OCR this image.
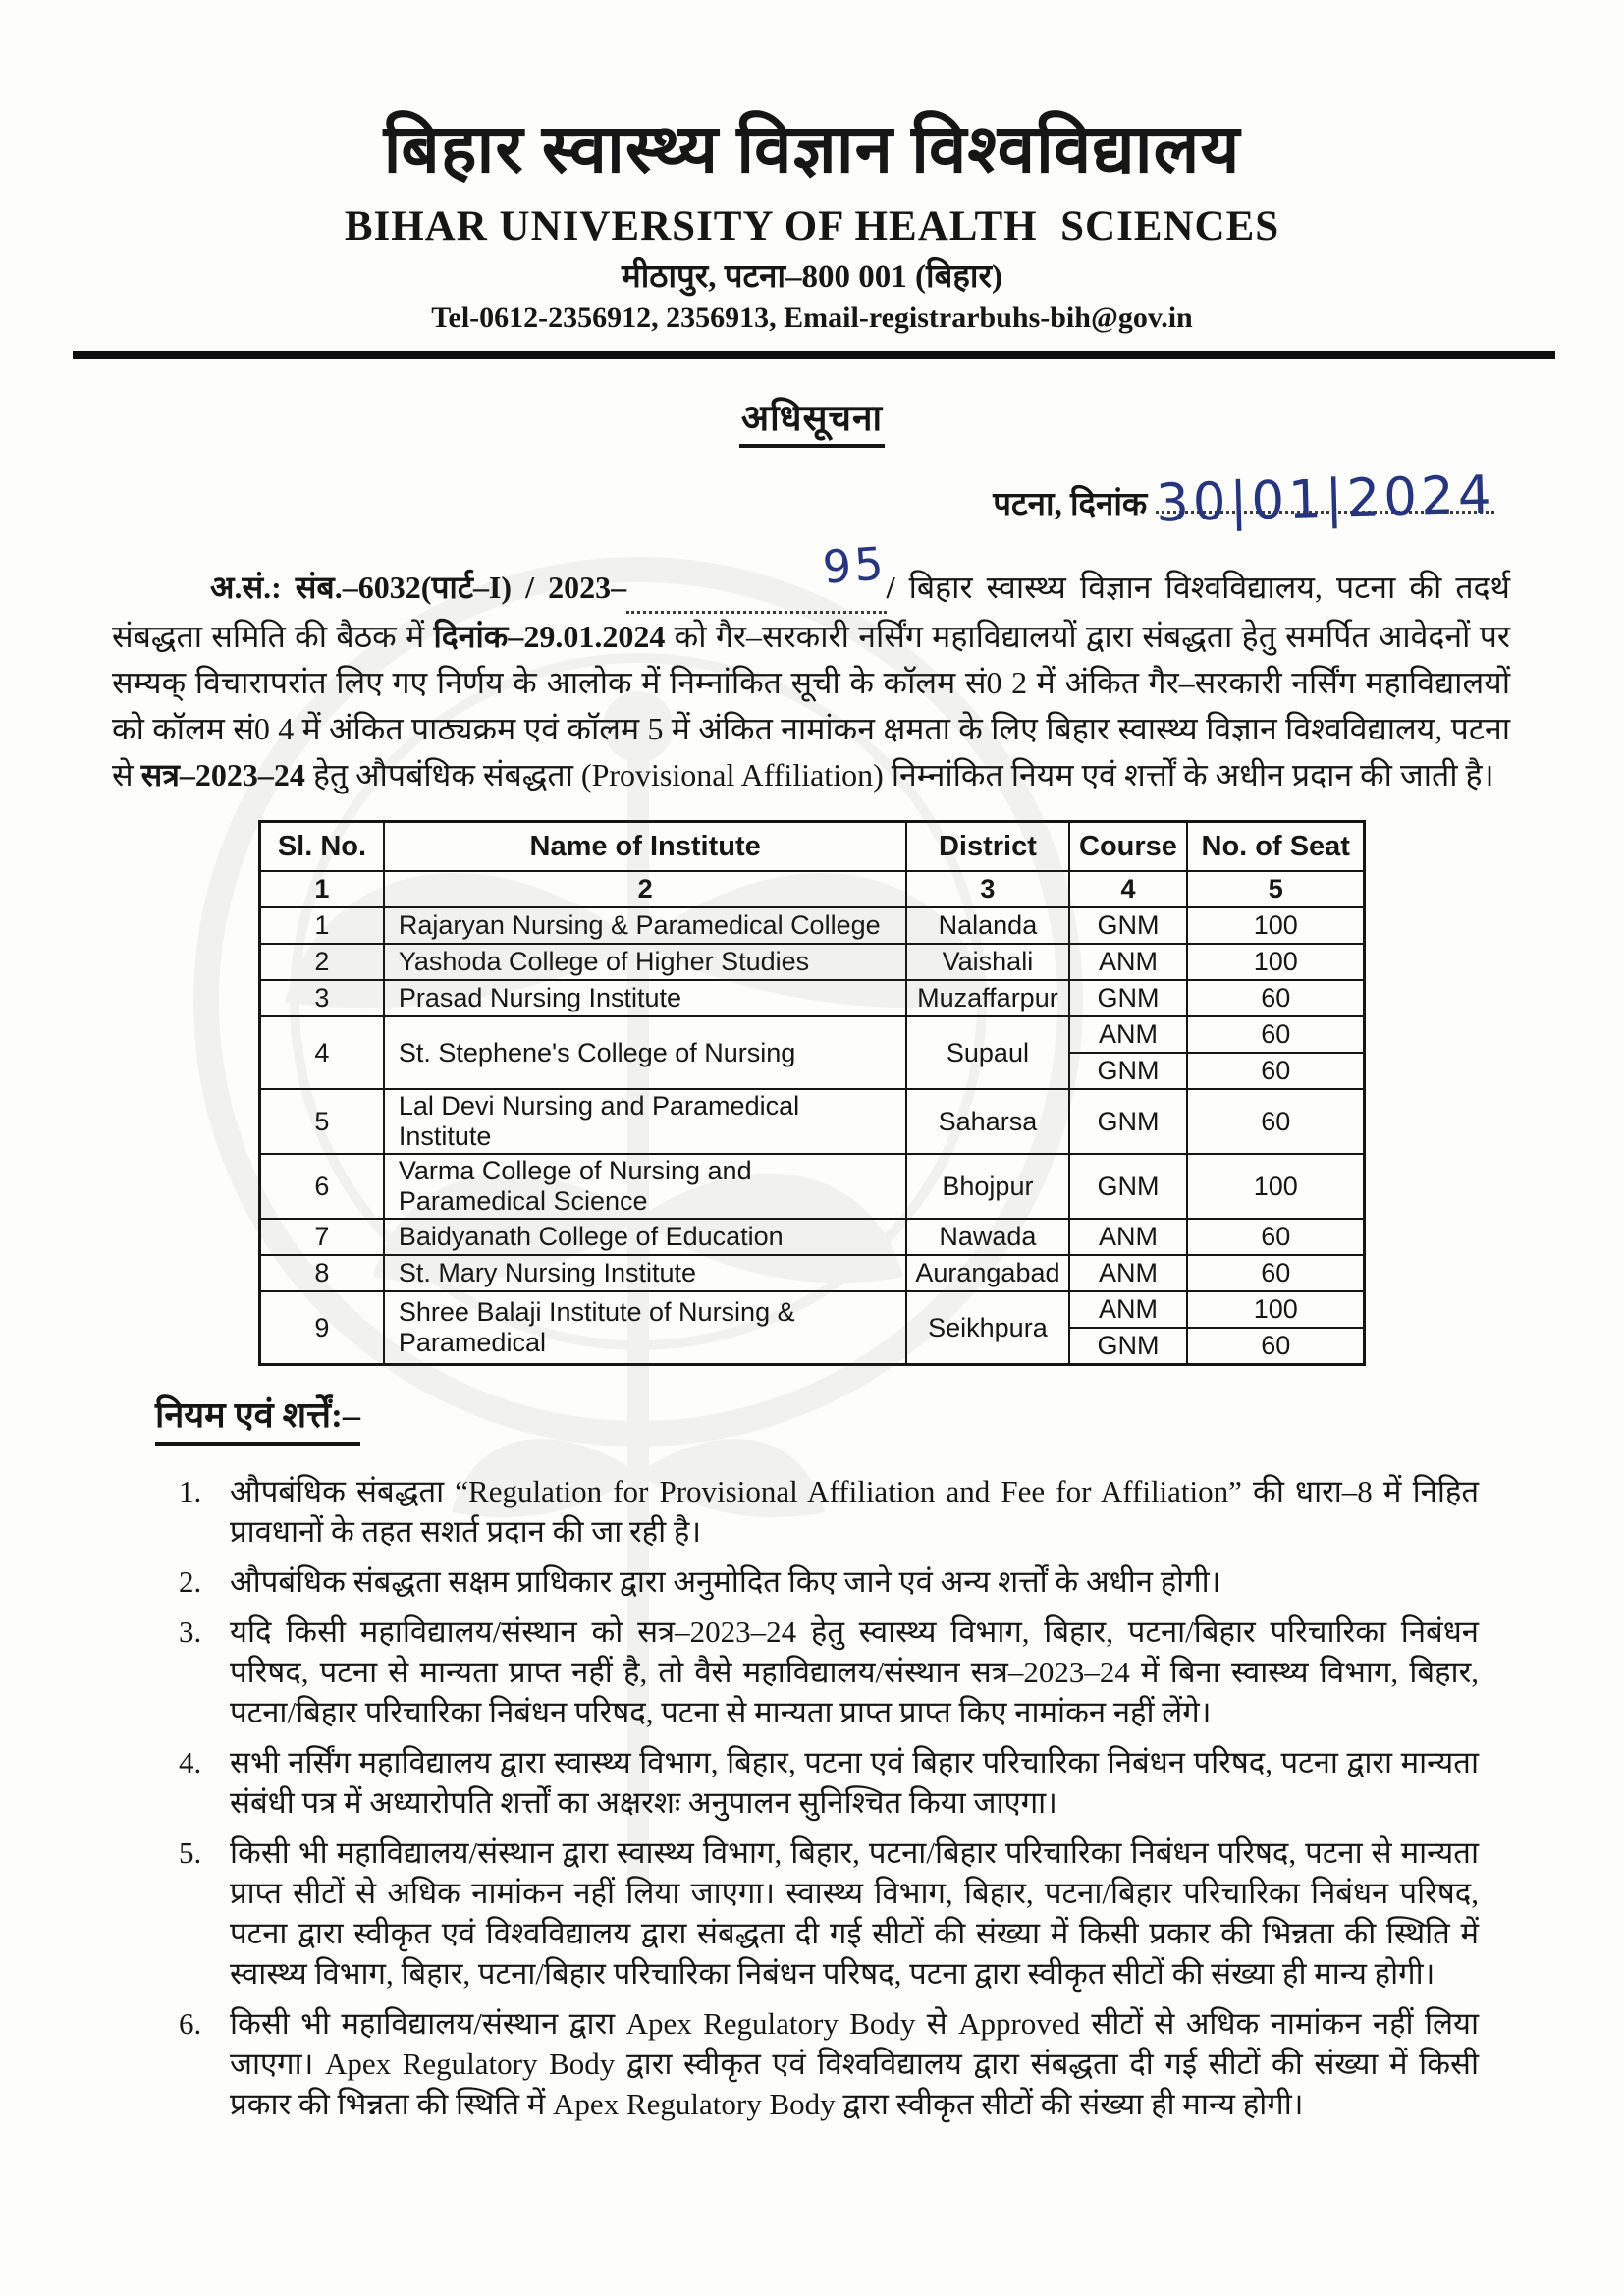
बिहार स्वास्थ्य विज्ञान विश्वविद्यालय
BIHAR UNIVERSITY OF HEALTH  SCIENCES
मीठापुर, पटना–800 001 (बिहार)
Tel-0612-2356912, 2356913, Email-registrarbuhs-bih@gov.in
अधिसूचना
पटना, दिनांक 30|01|2024

अ.सं.: संब.–6032(पार्ट–I) / 2023–	95/ बिहार स्वास्थ्य विज्ञान विश्वविद्यालय, पटना की तदर्थ संबद्धता समिति की बैठक में दिनांक–29.01.2024 को गैर–सरकारी नर्सिंग महाविद्यालयों द्वारा संबद्धता हेतु समर्पित आवेदनों पर सम्यक् विचारापरांत लिए गए निर्णय के आलोक में निम्नांकित सूची के कॉलम सं0 2 में अंकित गैर–सरकारी नर्सिंग महाविद्यालयों को कॉलम सं0 4 में अंकित पाठ्यक्रम एवं कॉलम 5 में अंकित नामांकन क्षमता के लिए बिहार स्वास्थ्य विज्ञान विश्वविद्यालय, पटना से सत्र–2023–24 हेतु औपबंधिक संबद्धता (Provisional Affiliation) निम्नांकित नियम एवं शर्त्तों के अधीन प्रदान की जाती है।

Sl. No.	Name of Institute	District	Course	No. of Seat
1	2	3	4	5
1	Rajaryan Nursing & Paramedical College	Nalanda	GNM	100
2	Yashoda College of Higher Studies	Vaishali	ANM	100
3	Prasad Nursing Institute	Muzaffarpur	GNM	60
4	St. Stephene's College of Nursing	Supaul	ANM	60
			GNM	60
5	Lal Devi Nursing and Paramedical Institute	Saharsa	GNM	60
6	Varma College of Nursing and Paramedical Science	Bhojpur	GNM	100
7	Baidyanath College of Education	Nawada	ANM	60
8	St. Mary Nursing Institute	Aurangabad	ANM	60
9	Shree Balaji Institute of Nursing & Paramedical	Seikhpura	ANM	100
			GNM	60
नियम एवं शर्त्तें:–
1. औपबंधिक संबद्धता “Regulation for Provisional Affiliation and Fee for Affiliation” की धारा–8 में निहित प्रावधानों के तहत सशर्त प्रदान की जा रही है।
2. औपबंधिक संबद्धता सक्षम प्राधिकार द्वारा अनुमोदित किए जाने एवं अन्य शर्त्तों के अधीन होगी।
3. यदि किसी महाविद्यालय/संस्थान को सत्र–2023–24 हेतु स्वास्थ्य विभाग, बिहार, पटना/बिहार परिचारिका निबंधन परिषद, पटना से मान्यता प्राप्त नहीं है, तो वैसे महाविद्यालय/संस्थान सत्र–2023–24 में बिना स्वास्थ्य विभाग, बिहार, पटना/बिहार परिचारिका निबंधन परिषद, पटना से मान्यता प्राप्त प्राप्त किए नामांकन नहीं लेंगे।
4. सभी नर्सिंग महाविद्यालय द्वारा स्वास्थ्य विभाग, बिहार, पटना एवं बिहार परिचारिका निबंधन परिषद, पटना द्वारा मान्यता संबंधी पत्र में अध्यारोपति शर्त्तों का अक्षरशः अनुपालन सुनिश्चित किया जाएगा।
5. किसी भी महाविद्यालय/संस्थान द्वारा स्वास्थ्य विभाग, बिहार, पटना/बिहार परिचारिका निबंधन परिषद, पटना से मान्यता प्राप्त सीटों से अधिक नामांकन नहीं लिया जाएगा। स्वास्थ्य विभाग, बिहार, पटना/बिहार परिचारिका निबंधन परिषद, पटना द्वारा स्वीकृत एवं विश्वविद्यालय द्वारा संबद्धता दी गई सीटों की संख्या में किसी प्रकार की भिन्नता की स्थिति में स्वास्थ्य विभाग, बिहार, पटना/बिहार परिचारिका निबंधन परिषद, पटना द्वारा स्वीकृत सीटों की संख्या ही मान्य होगी।
6. किसी भी महाविद्यालय/संस्थान द्वारा Apex Regulatory Body से Approved सीटों से अधिक नामांकन नहीं लिया जाएगा। Apex Regulatory Body द्वारा स्वीकृत एवं विश्वविद्यालय द्वारा संबद्धता दी गई सीटों की संख्या में किसी प्रकार की भिन्नता की स्थिति में Apex Regulatory Body द्वारा स्वीकृत सीटों की संख्या ही मान्य होगी।
